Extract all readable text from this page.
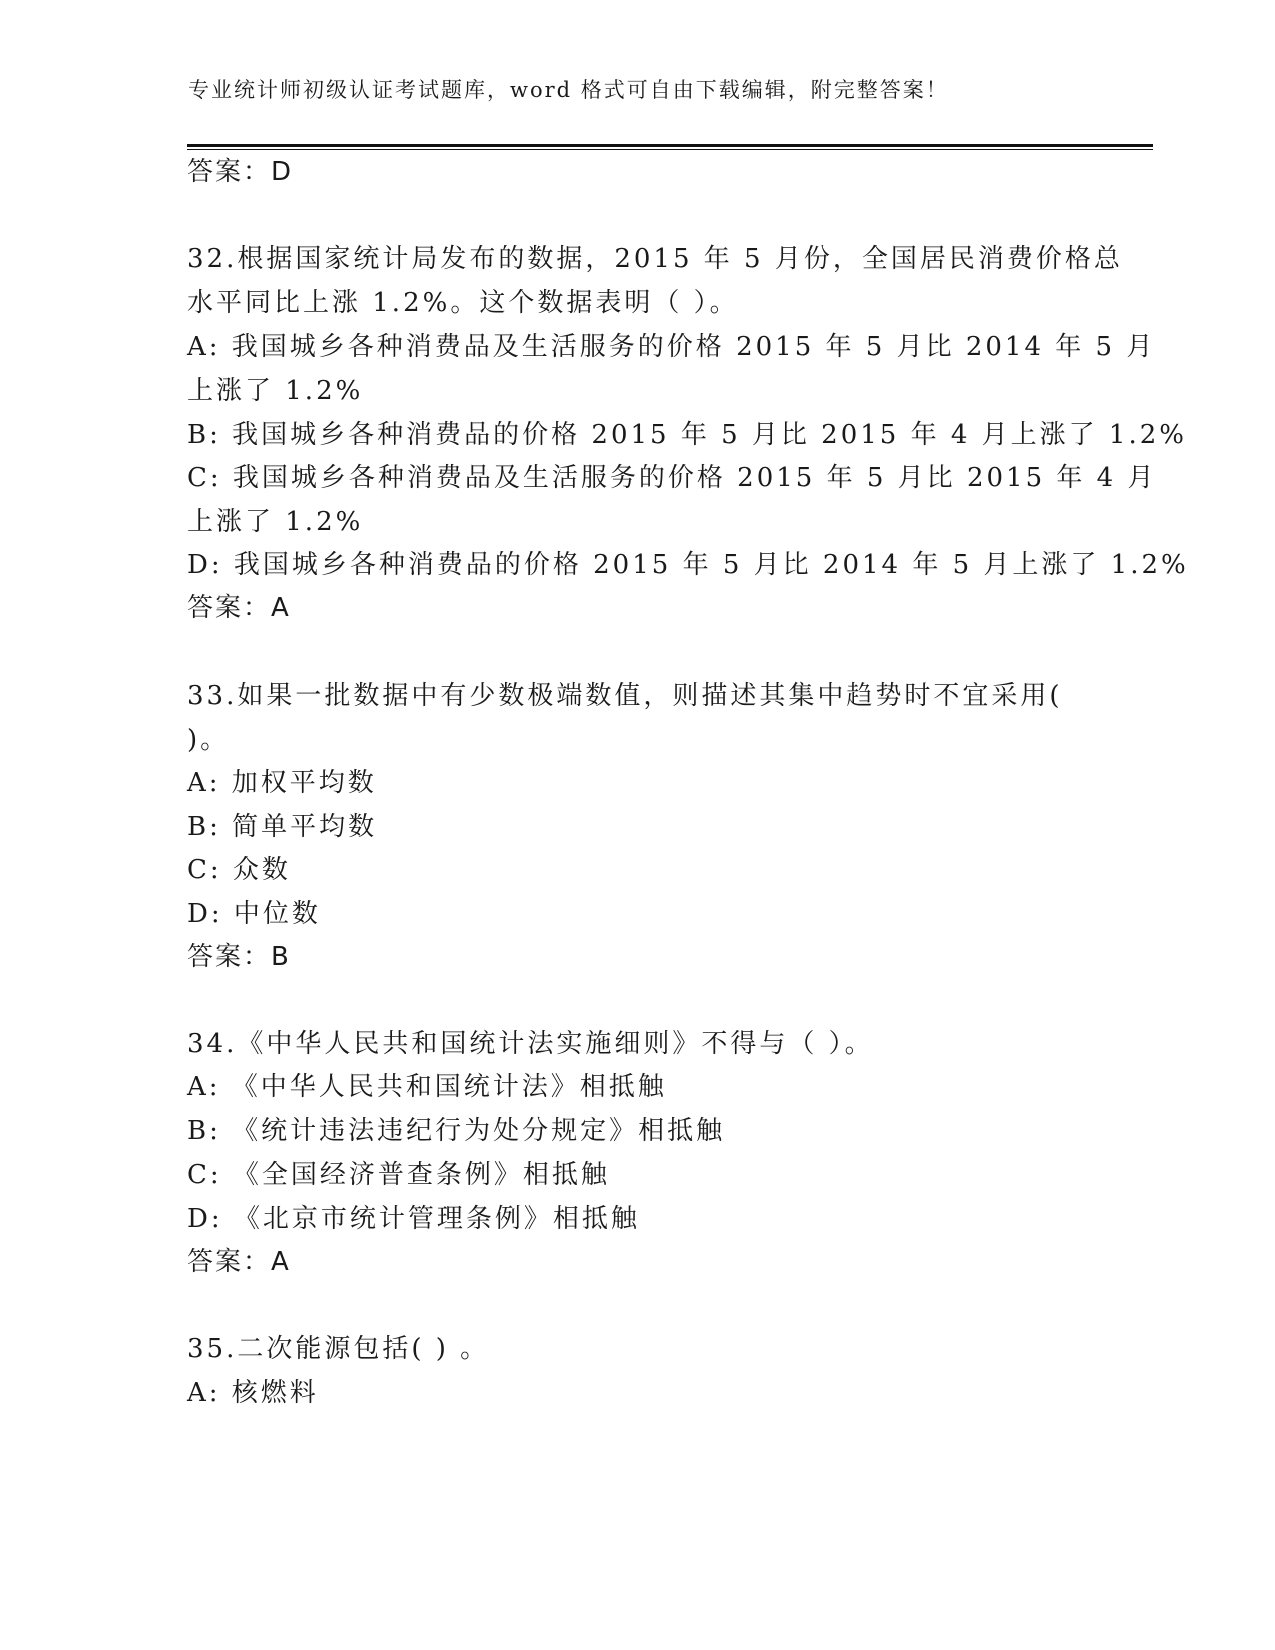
专业统计师初级认证考试题库，word 格式可自由下载编辑，附完整答案！
答案：D
32.根据国家统计局发布的数据，2015 年 5 月份，全国居民消费价格总
水平同比上涨 1.2%。这个数据表明（ ）。
A: 我国城乡各种消费品及生活服务的价格 2015 年 5 月比 2014 年 5 月
上涨了 1.2%
B: 我国城乡各种消费品的价格 2015 年 5 月比 2015 年 4 月上涨了 1.2%
C: 我国城乡各种消费品及生活服务的价格 2015 年 5 月比 2015 年 4 月
上涨了 1.2%
D: 我国城乡各种消费品的价格 2015 年 5 月比 2014 年 5 月上涨了 1.2%
答案：A
33.如果一批数据中有少数极端数值，则描述其集中趋势时不宜采用(
)。
A: 加权平均数
B: 简单平均数
C: 众数
D: 中位数
答案：B
34.《中华人民共和国统计法实施细则》不得与（ ）。
A: 《中华人民共和国统计法》相抵触
B: 《统计违法违纪行为处分规定》相抵触
C: 《全国经济普查条例》相抵触
D: 《北京市统计管理条例》相抵触
答案：A
35.二次能源包括( ) 。
A: 核燃料
